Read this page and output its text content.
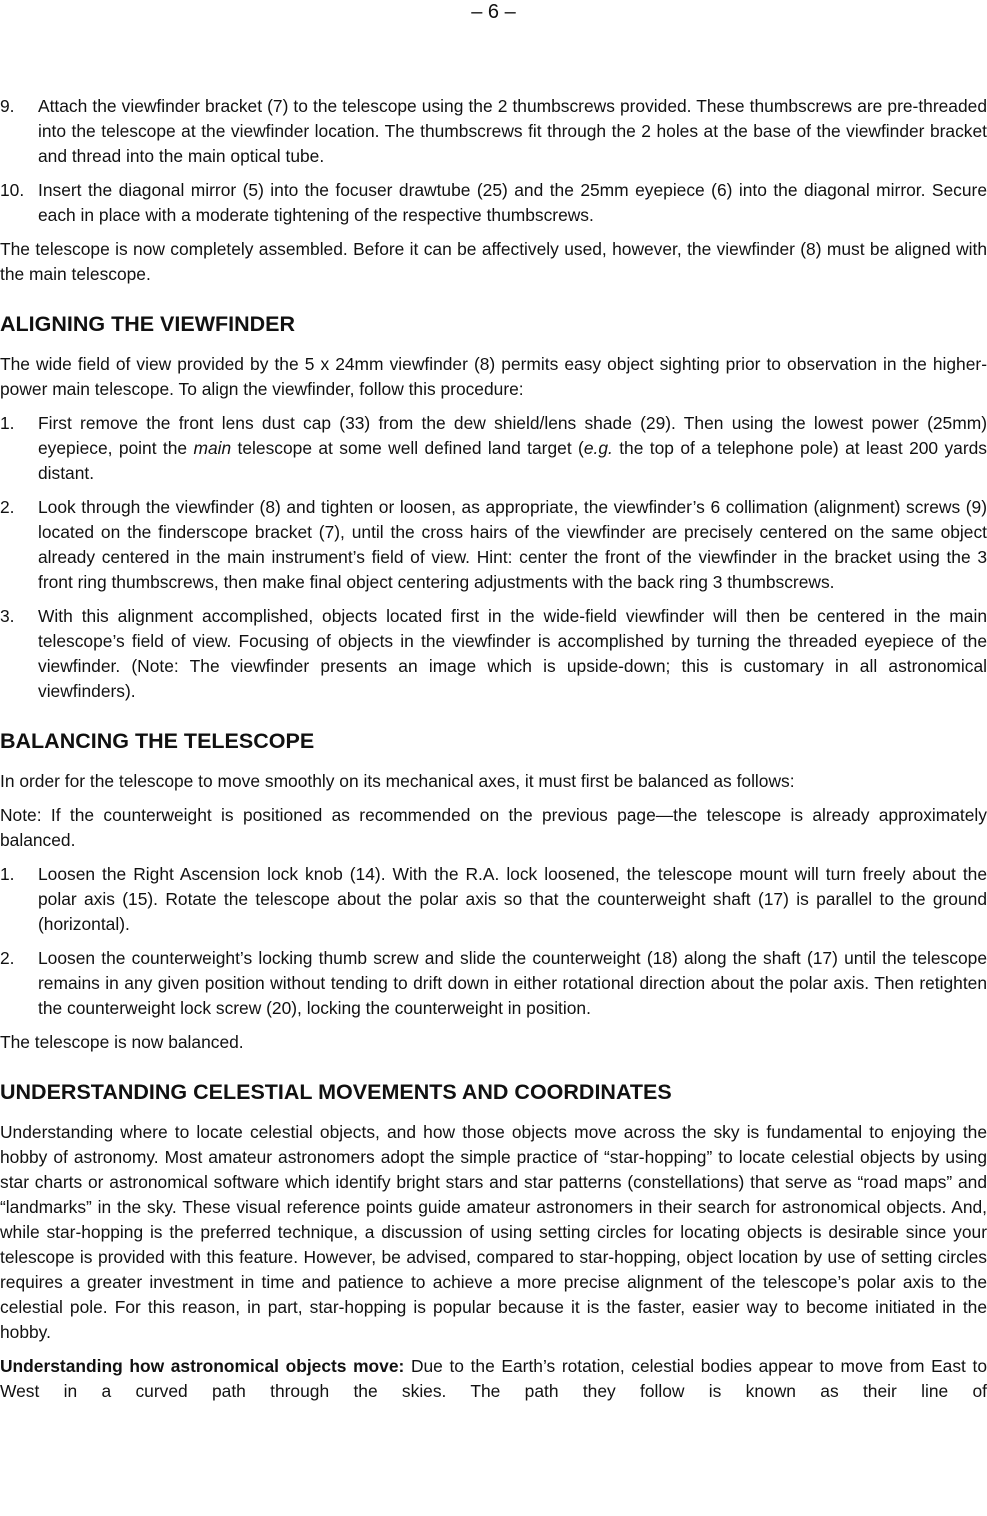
– 6 –
9. Attach the viewfinder bracket (7) to the telescope using the 2 thumbscrews provided. These thumbscrews are pre-threaded into the telescope at the viewfinder location. The thumbscrews fit through the 2 holes at the base of the viewfinder bracket and thread into the main optical tube.
10. Insert the diagonal mirror (5) into the focuser drawtube (25) and the 25mm eyepiece (6) into the diagonal mirror. Secure each in place with a moderate tightening of the respective thumbscrews.

The telescope is now completely assembled. Before it can be affectively used, however, the viewfinder (8) must be aligned with the main telescope.

ALIGNING THE VIEWFINDER

The wide field of view provided by the 5 x 24mm viewfinder (8) permits easy object sighting prior to observation in the higher-power main telescope. To align the viewfinder, follow this procedure:

1. First remove the front lens dust cap (33) from the dew shield/lens shade (29). Then using the lowest power (25mm) eyepiece, point the main telescope at some well defined land target (e.g. the top of a telephone pole) at least 200 yards distant.
2. Look through the viewfinder (8) and tighten or loosen, as appropriate, the viewfinder’s 6 collimation (alignment) screws (9) located on the finderscope bracket (7), until the cross hairs of the viewfinder are precisely centered on the same object already centered in the main instrument’s field of view. Hint: center the front of the viewfinder in the bracket using the 3 front ring thumbscrews, then make final object centering adjustments with the back ring 3 thumbscrews.
3. With this alignment accomplished, objects located first in the wide-field viewfinder will then be centered in the main telescope’s field of view. Focusing of objects in the viewfinder is accomplished by turning the threaded eyepiece of the viewfinder. (Note: The viewfinder presents an image which is upside-down; this is customary in all astronomical viewfinders).
BALANCING THE TELESCOPE

In order for the telescope to move smoothly on its mechanical axes, it must first be balanced as follows:

Note: If the counterweight is positioned as recommended on the previous page—the telescope is already approximately balanced.

1. Loosen the Right Ascension lock knob (14). With the R.A. lock loosened, the telescope mount will turn freely about the polar axis (15). Rotate the telescope about the polar axis so that the counterweight shaft (17) is parallel to the ground (horizontal).
2. Loosen the counterweight’s locking thumb screw and slide the counterweight (18) along the shaft (17) until the telescope remains in any given position without tending to drift down in either rotational direction about the polar axis. Then retighten the counterweight lock screw (20), locking the counterweight in position.

The telescope is now balanced.

UNDERSTANDING CELESTIAL MOVEMENTS AND COORDINATES

Understanding where to locate celestial objects, and how those objects move across the sky is fundamental to enjoying the hobby of astronomy. Most amateur astronomers adopt the simple practice of “star-hopping” to locate celestial objects by using star charts or astronomical software which identify bright stars and star patterns (constellations) that serve as “road maps” and “landmarks” in the sky. These visual reference points guide amateur astronomers in their search for astronomical objects. And, while star-hopping is the preferred technique, a discussion of using setting circles for locating objects is desirable since your telescope is provided with this feature. However, be advised, compared to star-hopping, object location by use of setting circles requires a greater investment in time and patience to achieve a more precise alignment of the telescope’s polar axis to the celestial pole. For this reason, in part, star-hopping is popular because it is the faster, easier way to become initiated in the hobby.

Understanding how astronomical objects move: Due to the Earth’s rotation, celestial bodies appear to move from East to West in a curved path through the skies. The path they follow is known as their line of
